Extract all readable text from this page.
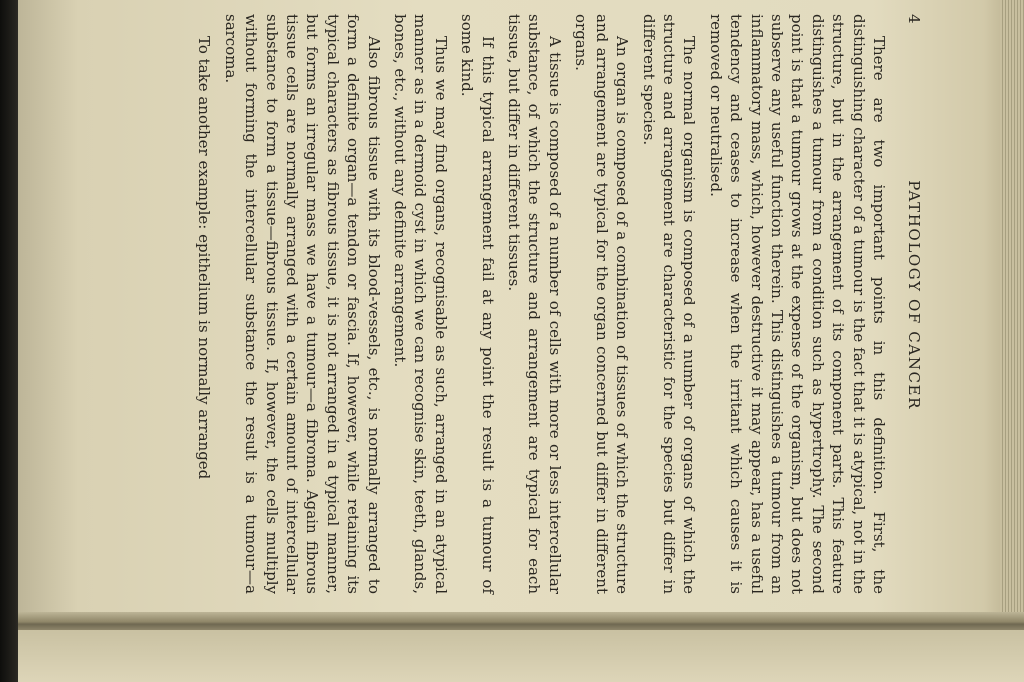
4
PATHOLOGY OF CANCER

There are two important points in this definition. First, the distinguishing character of a tumour is the fact that it is atypical, not in the structure, but in the arrangement of its component parts. This feature distinguishes a tumour from a condition such as hypertrophy. The second point is that a tumour grows at the expense of the organism, but does not subserve any useful function therein. This distinguishes a tumour from an inflammatory mass, which, however destructive it may appear, has a useful tendency and ceases to increase when the irritant which causes it is removed or neutralised.

The normal organism is composed of a number of organs of which the structure and arrangement are characteristic for the species but differ in different species.

An organ is composed of a combination of tissues of which the structure and arrangement are typical for the organ concerned but differ in different organs.

A tissue is composed of a number of cells with more or less intercellular substance, of which the structure and arrangement are typical for each tissue, but differ in different tissues.

If this typical arrangement fail at any point the result is a tumour of some kind.

Thus we may find organs, recognisable as such, arranged in an atypical manner as in a dermoid cyst in which we can recognise skin, teeth, glands, bones, etc., without any definite arrangement.

Also fibrous tissue with its blood-vessels, etc., is normally arranged to form a definite organ—a tendon or fascia. If, however, while retaining its typical characters as fibrous tissue, it is not arranged in a typical manner, but forms an irregular mass we have a tumour—a fibroma. Again fibrous tissue cells are normally arranged with a certain amount of intercellular substance to form a tissue—fibrous tissue. If, however, the cells multiply without forming the intercellular substance the result is a tumour—a sarcoma.

To take another example: epithelium is normally arranged
